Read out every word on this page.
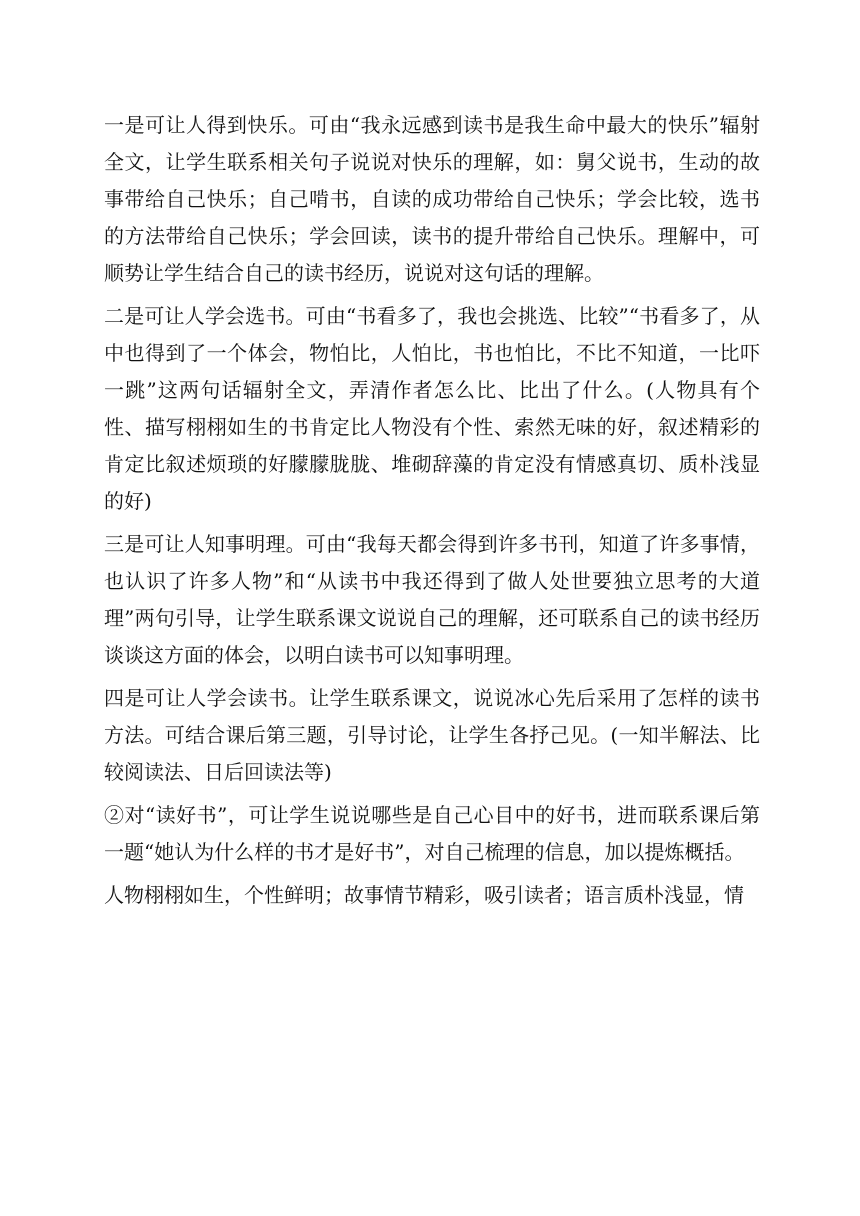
一是可让人得到快乐。可由“我永远感到读书是我生命中最大的快乐”辐射全文，让学生联系相关句子说说对快乐的理解，如：舅父说书，生动的故事带给自己快乐；自己啃书，自读的成功带给自己快乐；学会比较，选书的方法带给自己快乐；学会回读，读书的提升带给自己快乐。理解中，可顺势让学生结合自己的读书经历，说说对这句话的理解。

二是可让人学会选书。可由“书看多了，我也会挑选、比较”“书看多了，从中也得到了一个体会，物怕比，人怕比，书也怕比，不比不知道，一比吓一跳”这两句话辐射全文，弄清作者怎么比、比出了什么。(人物具有个性、描写栩栩如生的书肯定比人物没有个性、索然无味的好，叙述精彩的肯定比叙述烦琐的好朦朦胧胧、堆砌辞藻的肯定没有情感真切、质朴浅显的好)

三是可让人知事明理。可由“我每天都会得到许多书刊，知道了许多事情，也认识了许多人物”和“从读书中我还得到了做人处世要独立思考的大道理”两句引导，让学生联系课文说说自己的理解，还可联系自己的读书经历谈谈这方面的体会，以明白读书可以知事明理。

四是可让人学会读书。让学生联系课文，说说冰心先后采用了怎样的读书方法。可结合课后第三题，引导讨论，让学生各抒己见。(一知半解法、比较阅读法、日后回读法等)

②对“读好书”，可让学生说说哪些是自己心目中的好书，进而联系课后第一题“她认为什么样的书才是好书”，对自己梳理的信息，加以提炼概括。

人物栩栩如生，个性鲜明；故事情节精彩，吸引读者；语言质朴浅显，情
